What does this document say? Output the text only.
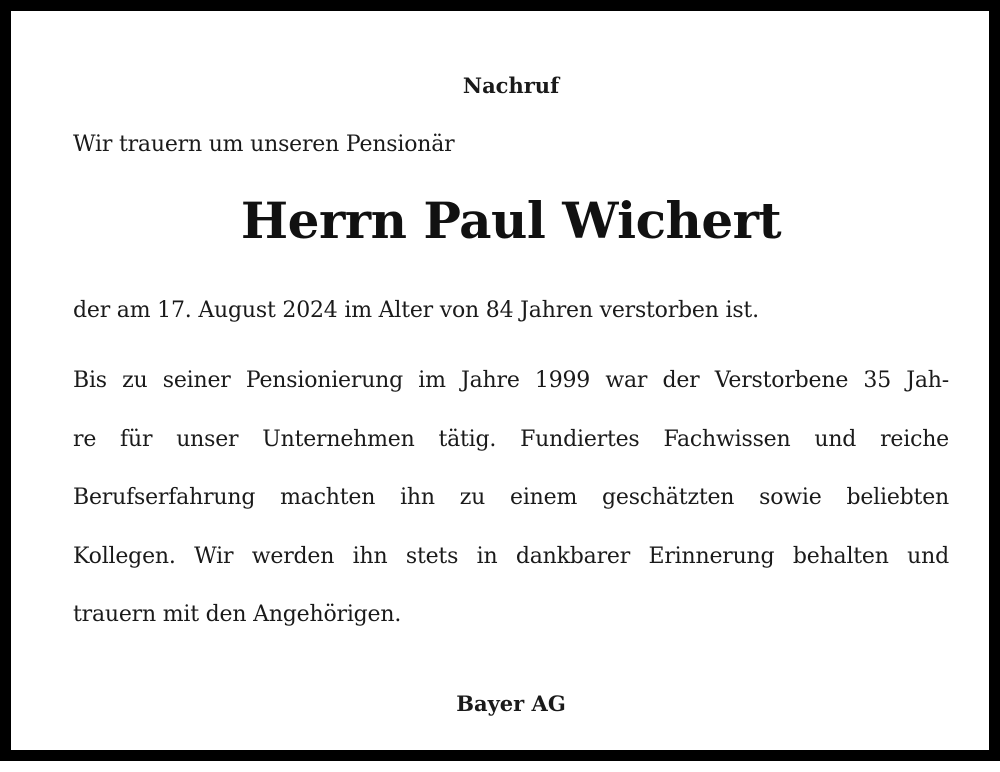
Nachruf
Wir trauern um unseren Pensionär
Herrn Paul Wichert
der am 17. August 2024 im Alter von 84 Jahren verstorben ist.
Bis zu seiner Pensionierung im Jahre 1999 war der Verstorbene 35 Jah-
re für unser Unternehmen tätig. Fundiertes Fachwissen und reiche
Berufserfahrung machten ihn zu einem geschätzten sowie beliebten
Kollegen. Wir werden ihn stets in dankbarer Erinnerung behalten und
trauern mit den Angehörigen.
Bayer AG
